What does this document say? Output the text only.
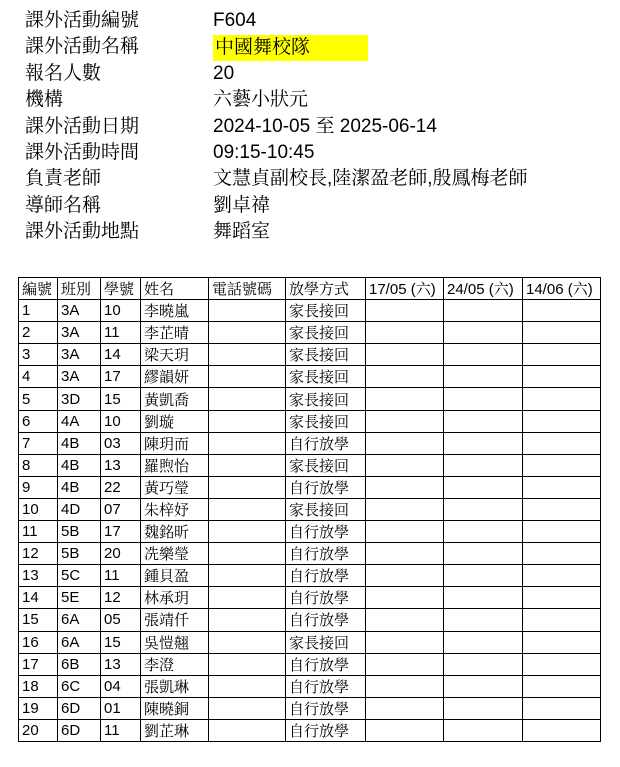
課外活動編號	F604
課外活動名稱	中國舞校隊
報名人數	20
機構	六藝小狀元
課外活動日期	2024-10-05 至 2025-06-14
課外活動時間	09:15-10:45
負責老師	文慧貞副校長,陸潔盈老師,殷鳳梅老師
導師名稱	劉卓禕
課外活動地點	舞蹈室
編號	班別	學號	姓名	電話號碼	放學方式	17/05 (六)	24/05 (六)	14/06 (六)
1	3A	10	李曉嵐		家長接回			
2	3A	11	李芷晴		家長接回			
3	3A	14	梁天玥		家長接回			
4	3A	17	繆韻妍		家長接回			
5	3D	15	黃凱喬		家長接回			
6	4A	10	劉璇		家長接回			
7	4B	03	陳玥而		自行放學			
8	4B	13	羅煦怡		家長接回			
9	4B	22	黃巧瑩		自行放學			
10	4D	07	朱梓妤		家長接回			
11	5B	17	魏銘昕		自行放學			
12	5B	20	冼樂瑩		自行放學			
13	5C	11	鍾貝盈		自行放學			
14	5E	12	林承玥		自行放學			
15	6A	05	張靖仟		自行放學			
16	6A	15	吳愷翹		家長接回			
17	6B	13	李澄		自行放學			
18	6C	04	張凱琳		自行放學			
19	6D	01	陳曉銅		自行放學			
20	6D	11	劉芷琳		自行放學			
